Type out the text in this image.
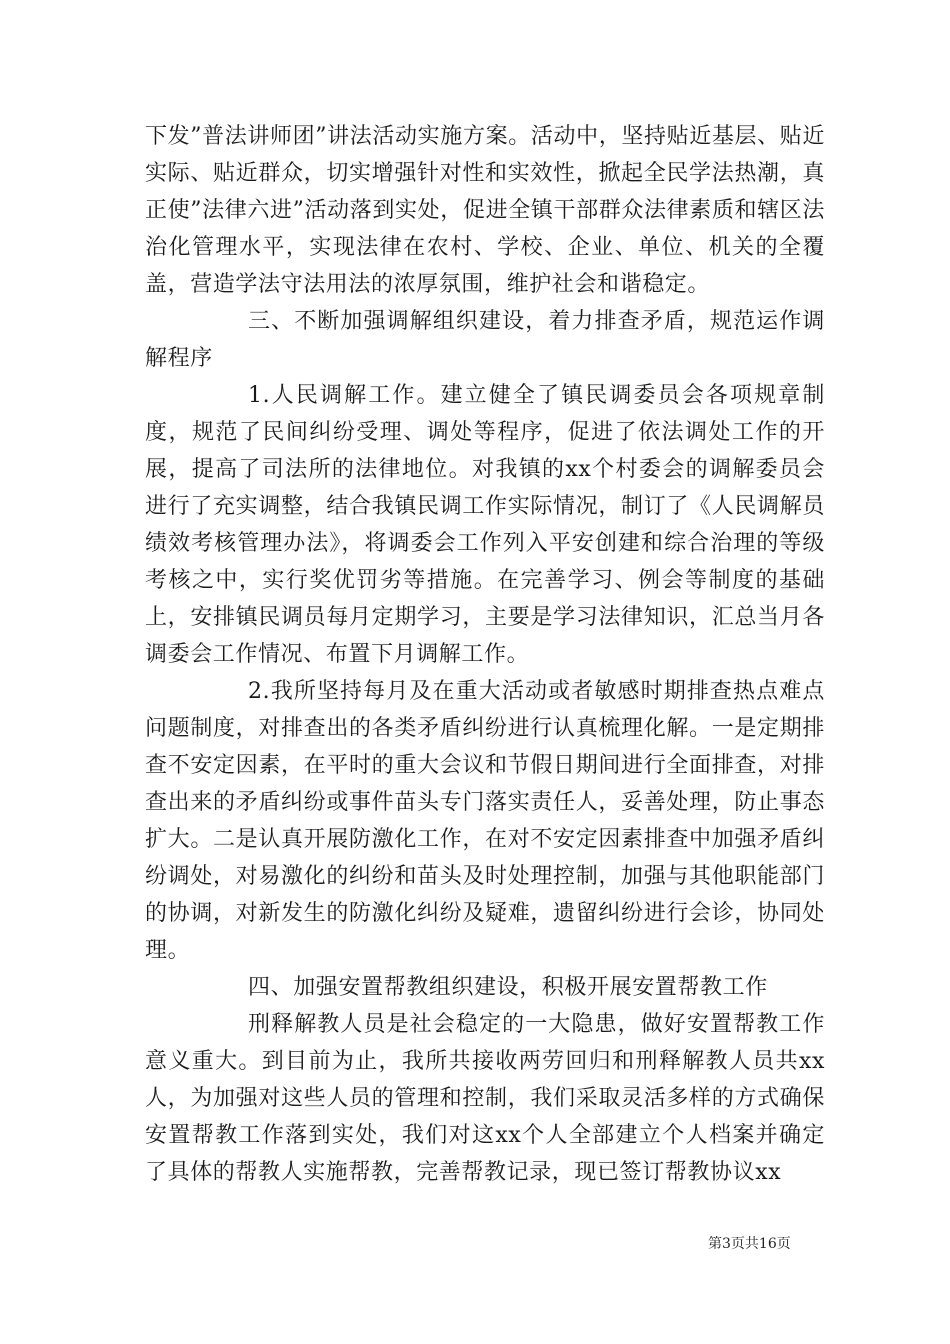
下发”普法讲师团”讲法活动实施方案。活动中，坚持贴近基层、贴近实际、贴近群众，切实增强针对性和实效性，掀起全民学法热潮，真正使”法律六进”活动落到实处，促进全镇干部群众法律素质和辖区法治化管理水平，实现法律在农村、学校、企业、单位、机关的全覆盖，营造学法守法用法的浓厚氛围，维护社会和谐稳定。

三、不断加强调解组织建设，着力排查矛盾，规范运作调解程序

1.人民调解工作。建立健全了镇民调委员会各项规章制度，规范了民间纠纷受理、调处等程序，促进了依法调处工作的开展，提高了司法所的法律地位。对我镇的xx个村委会的调解委员会进行了充实调整，结合我镇民调工作实际情况，制订了《人民调解员绩效考核管理办法》，将调委会工作列入平安创建和综合治理的等级考核之中，实行奖优罚劣等措施。在完善学习、例会等制度的基础上，安排镇民调员每月定期学习，主要是学习法律知识，汇总当月各调委会工作情况、布置下月调解工作。

2.我所坚持每月及在重大活动或者敏感时期排查热点难点问题制度，对排查出的各类矛盾纠纷进行认真梳理化解。一是定期排查不安定因素，在平时的重大会议和节假日期间进行全面排查，对排查出来的矛盾纠纷或事件苗头专门落实责任人，妥善处理，防止事态扩大。二是认真开展防激化工作，在对不安定因素排查中加强矛盾纠纷调处，对易激化的纠纷和苗头及时处理控制，加强与其他职能部门的协调，对新发生的防激化纠纷及疑难，遗留纠纷进行会诊，协同处理。

四、加强安置帮教组织建设，积极开展安置帮教工作

刑释解教人员是社会稳定的一大隐患，做好安置帮教工作意义重大。到目前为止，我所共接收两劳回归和刑释解教人员共xx人，为加强对这些人员的管理和控制，我们采取灵活多样的方式确保安置帮教工作落到实处，我们对这xx个人全部建立个人档案并确定了具体的帮教人实施帮教，完善帮教记录，现已签订帮教协议xx

第3页共16页
